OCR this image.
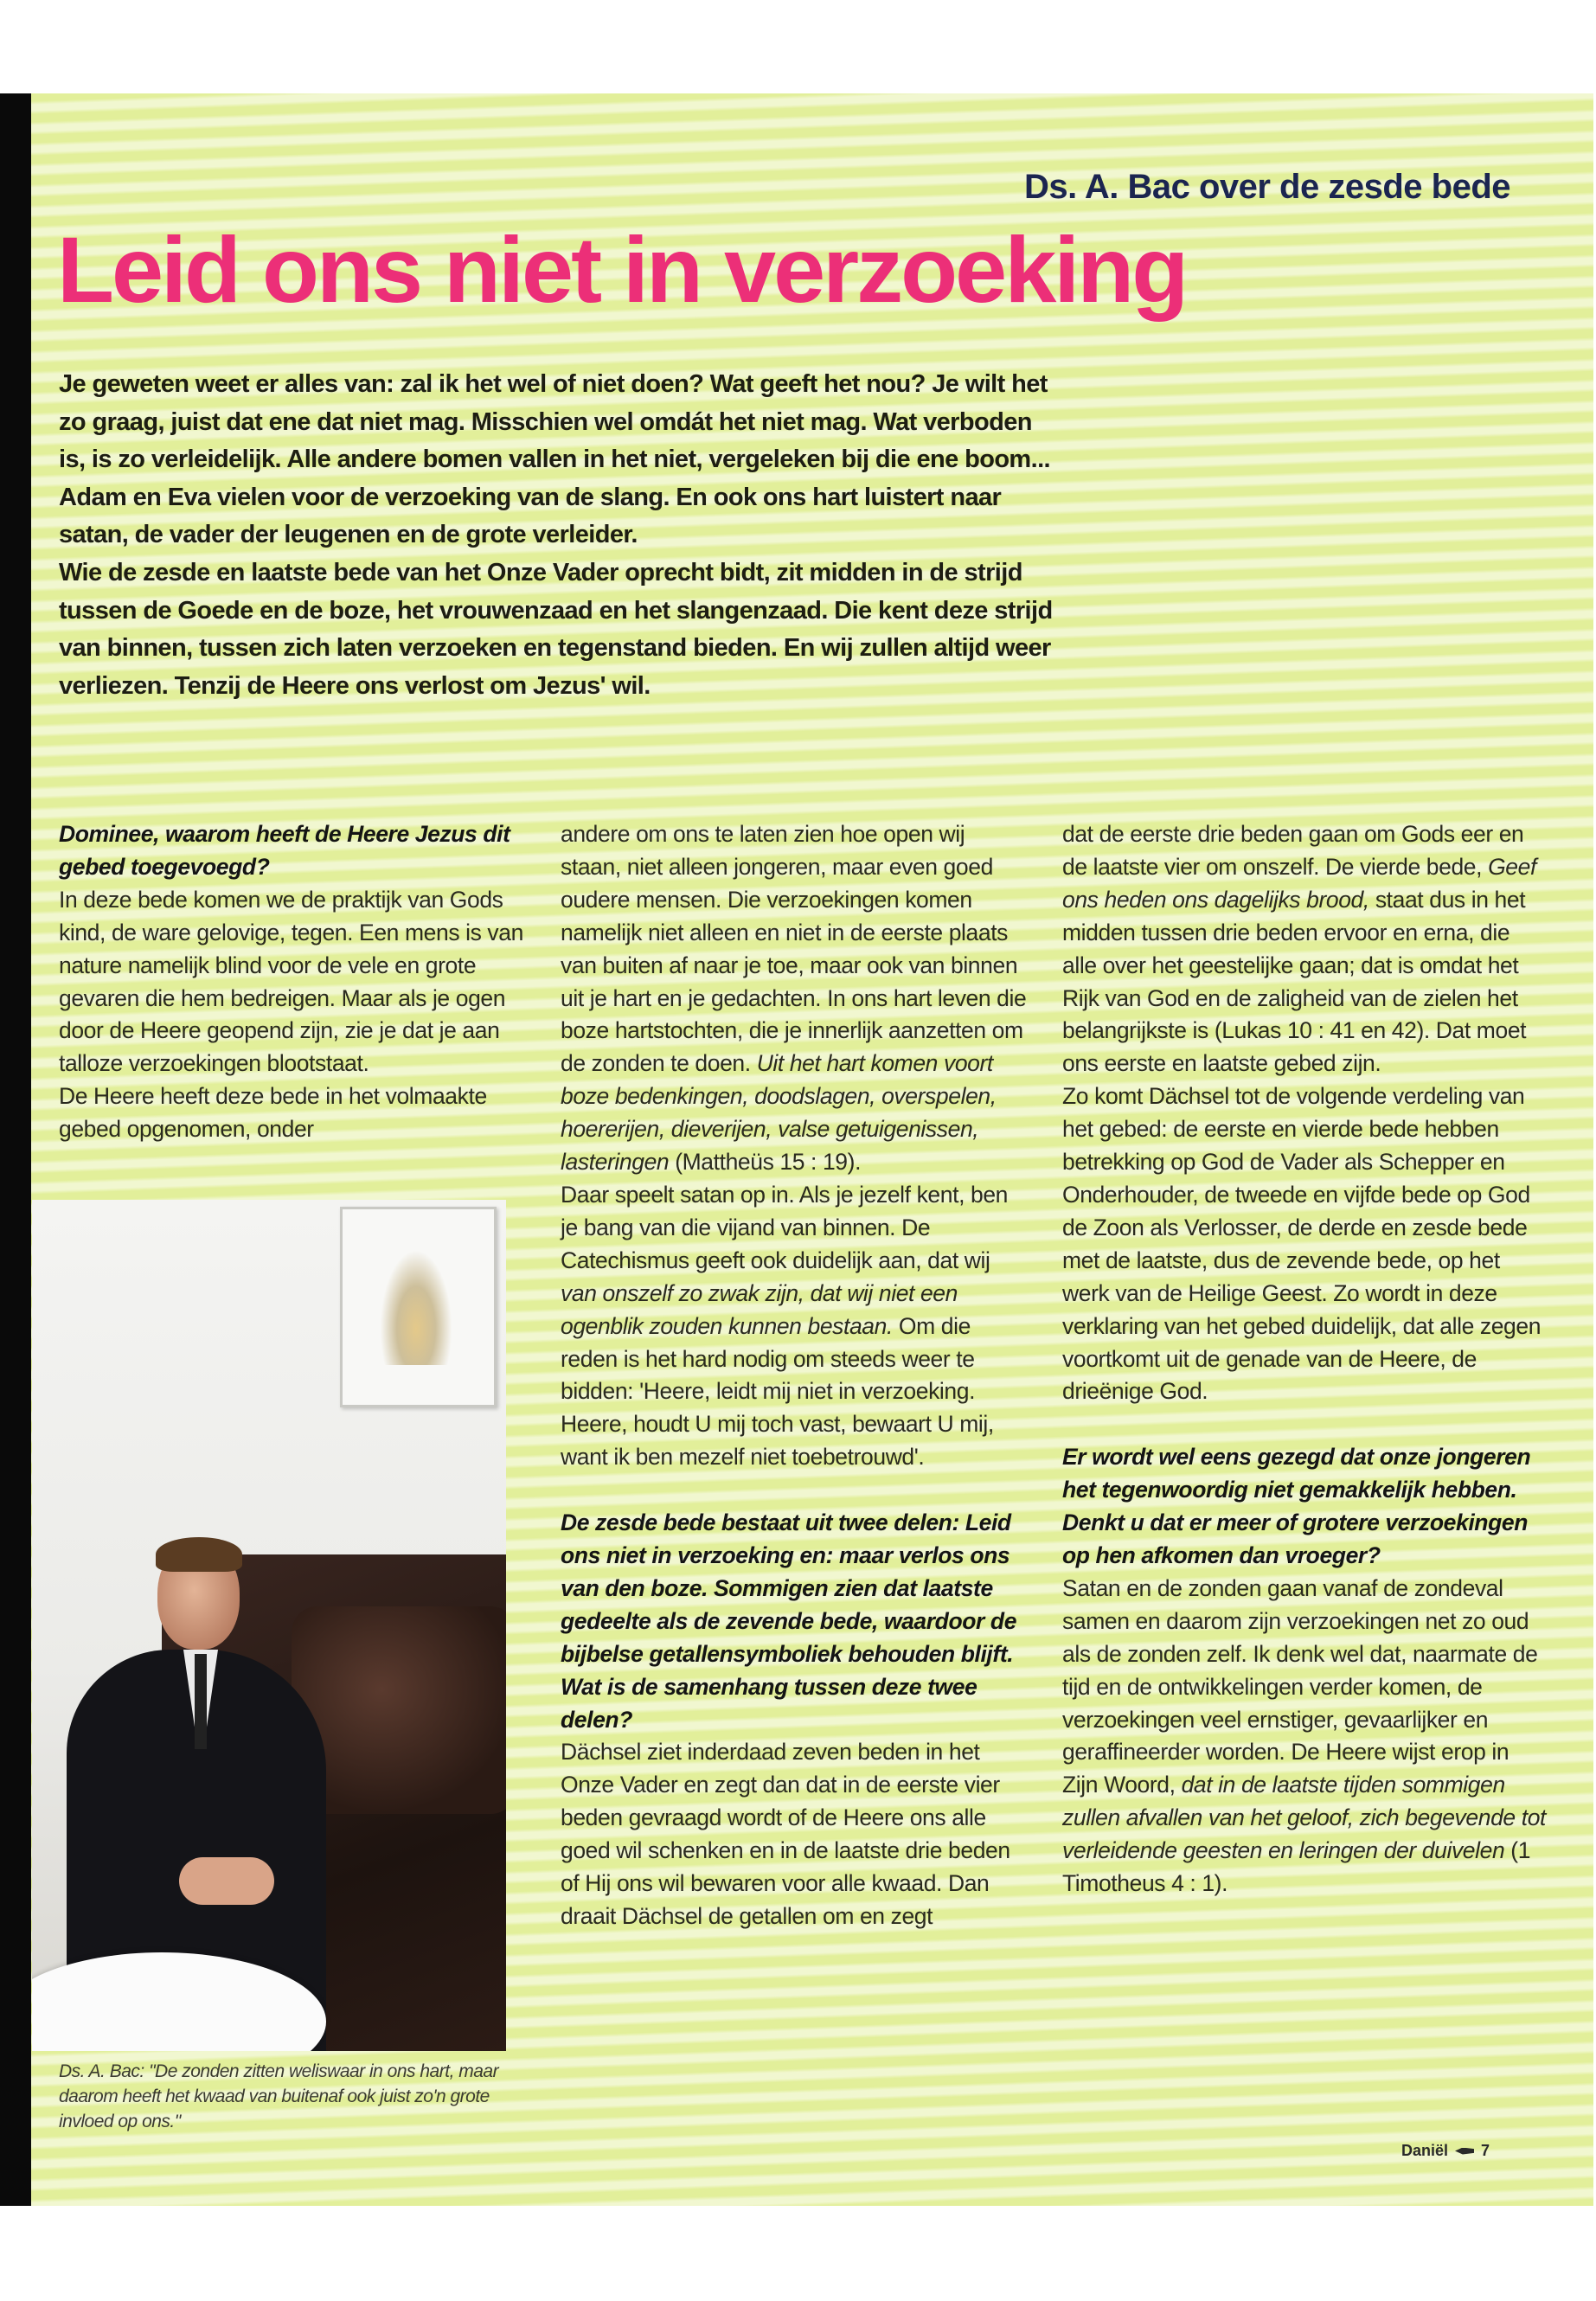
Ds. A. Bac over de zesde bede
Leid ons niet in verzoeking

Je geweten weet er alles van: zal ik het wel of niet doen? Wat geeft het nou? Je wilt het zo graag, juist dat ene dat niet mag. Misschien wel omdát het niet mag. Wat verboden is, is zo verleidelijk. Alle andere bomen vallen in het niet, vergeleken bij die ene boom... Adam en Eva vielen voor de verzoeking van de slang. En ook ons hart luistert naar satan, de vader der leugenen en de grote verleider.

Wie de zesde en laatste bede van het Onze Vader oprecht bidt, zit midden in de strijd tussen de Goede en de boze, het vrouwenzaad en het slangenzaad. Die kent deze strijd van binnen, tussen zich laten verzoeken en tegenstand bieden. En wij zullen altijd weer verliezen. Tenzij de Heere ons verlost om Jezus' wil.

Dominee, waarom heeft de Heere Jezus dit gebed toegevoegd?

In deze bede komen we de praktijk van Gods kind, de ware gelovige, tegen. Een mens is van nature namelijk blind voor de vele en grote gevaren die hem bedreigen. Maar als je ogen door de Heere geopend zijn, zie je dat je aan talloze verzoekingen blootstaat.

De Heere heeft deze bede in het volmaakte gebed opgenomen, onder

Ds. A. Bac: "De zonden zitten weliswaar in ons hart, maar daarom heeft het kwaad van buitenaf ook juist zo'n grote invloed op ons."

andere om ons te laten zien hoe open wij staan, niet alleen jongeren, maar even goed oudere mensen. Die verzoekingen komen namelijk niet alleen en niet in de eerste plaats van buiten af naar je toe, maar ook van binnen uit je hart en je gedachten. In ons hart leven die boze hartstochten, die je innerlijk aanzetten om de zonden te doen. Uit het hart komen voort boze bedenkingen, doodslagen, overspelen, hoererijen, dieverijen, valse getuigenissen, lasteringen (Mattheüs 15 : 19).

Daar speelt satan op in. Als je jezelf kent, ben je bang van die vijand van binnen. De Catechismus geeft ook duidelijk aan, dat wij van onszelf zo zwak zijn, dat wij niet een ogenblik zouden kunnen bestaan. Om die reden is het hard nodig om steeds weer te bidden: 'Heere, leidt mij niet in verzoeking. Heere, houdt U mij toch vast, bewaart U mij, want ik ben mezelf niet toebetrouwd'.

De zesde bede bestaat uit twee delen: Leid ons niet in verzoeking en: maar verlos ons van den boze. Sommigen zien dat laatste gedeelte als de zevende bede, waardoor de bijbelse getallensymboliek behouden blijft. Wat is de samenhang tussen deze twee delen?

Dächsel ziet inderdaad zeven beden in het Onze Vader en zegt dan dat in de eerste vier beden gevraagd wordt of de Heere ons alle goed wil schenken en in de laatste drie beden of Hij ons wil bewaren voor alle kwaad. Dan draait Dächsel de getallen om en zegt

dat de eerste drie beden gaan om Gods eer en de laatste vier om onszelf. De vierde bede, Geef ons heden ons dagelijks brood, staat dus in het midden tussen drie beden ervoor en erna, die alle over het geestelijke gaan; dat is omdat het Rijk van God en de zaligheid van de zielen het belangrijkste is (Lukas 10 : 41 en 42). Dat moet ons eerste en laatste gebed zijn.

Zo komt Dächsel tot de volgende verdeling van het gebed: de eerste en vierde bede hebben betrekking op God de Vader als Schepper en Onderhouder, de tweede en vijfde bede op God de Zoon als Verlosser, de derde en zesde bede met de laatste, dus de zevende bede, op het werk van de Heilige Geest. Zo wordt in deze verklaring van het gebed duidelijk, dat alle zegen voortkomt uit de genade van de Heere, de drieënige God.

Er wordt wel eens gezegd dat onze jongeren het tegenwoordig niet gemakkelijk hebben. Denkt u dat er meer of grotere verzoekingen op hen afkomen dan vroeger?

Satan en de zonden gaan vanaf de zondeval samen en daarom zijn verzoekingen net zo oud als de zonden zelf. Ik denk wel dat, naarmate de tijd en de ontwikkelingen verder komen, de verzoekingen veel ernstiger, gevaarlijker en geraffineerder worden. De Heere wijst erop in Zijn Woord, dat in de laatste tijden sommigen zullen afvallen van het geloof, zich begevende tot verleidende geesten en leringen der duivelen (1 Timotheus 4 : 1).

Daniël 7
